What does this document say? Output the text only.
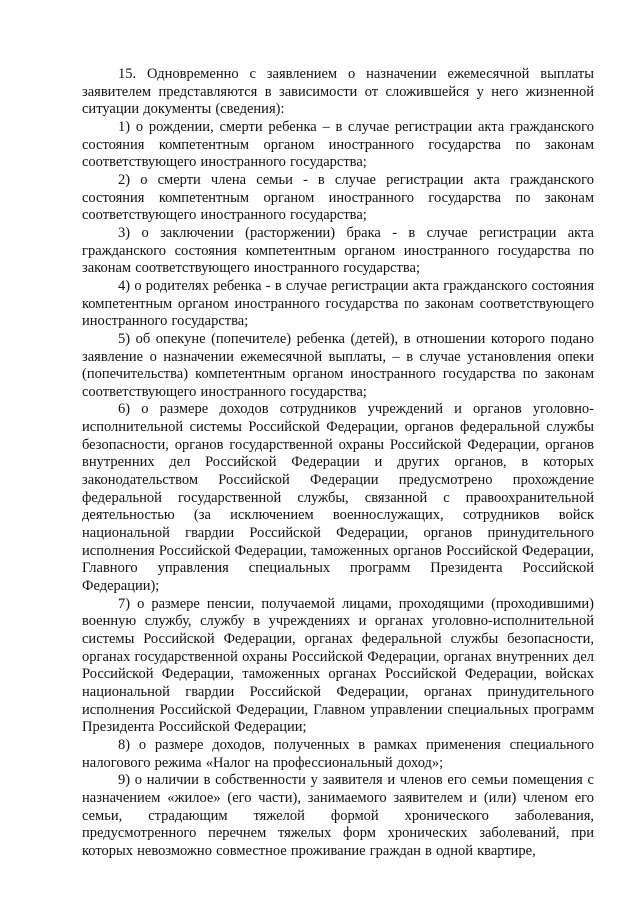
15. Одновременно с заявлением о назначении ежемесячной выплаты заявителем представляются в зависимости от сложившейся у него жизненной ситуации документы (сведения):

1) о рождении, смерти ребенка – в случае регистрации акта гражданского состояния компетентным органом иностранного государства по законам соответствующего иностранного государства;

2) о смерти члена семьи - в случае регистрации акта гражданского состояния компетентным органом иностранного государства по законам соответствующего иностранного государства;

3) о заключении (расторжении) брака - в случае регистрации акта гражданского состояния компетентным органом иностранного государства по законам соответствующего иностранного государства;

4) о родителях ребенка - в случае регистрации акта гражданского состояния компетентным органом иностранного государства по законам соответствующего иностранного государства;

5) об опекуне (попечителе) ребенка (детей), в отношении которого подано заявление о назначении ежемесячной выплаты, – в случае установления опеки (попечительства) компетентным органом иностранного государства по законам соответствующего иностранного государства;

6) о размере доходов сотрудников учреждений и органов уголовно-исполнительной системы Российской Федерации, органов федеральной службы безопасности, органов государственной охраны Российской Федерации, органов внутренних дел Российской Федерации и других органов, в которых законодательством Российской Федерации предусмотрено прохождение федеральной государственной службы, связанной с правоохранительной деятельностью (за исключением военнослужащих, сотрудников войск национальной гвардии Российской Федерации, органов принудительного исполнения Российской Федерации, таможенных органов Российской Федерации, Главного управления специальных программ Президента Российской Федерации);

7) о размере пенсии, получаемой лицами, проходящими (проходившими) военную службу, службу в учреждениях и органах уголовно-исполнительной системы Российской Федерации, органах федеральной службы безопасности, органах государственной охраны Российской Федерации, органах внутренних дел Российской Федерации, таможенных органах Российской Федерации, войсках национальной гвардии Российской Федерации, органах принудительного исполнения Российской Федерации, Главном управлении специальных программ Президента Российской Федерации;

8) о размере доходов, полученных в рамках применения специального налогового режима «Налог на профессиональный доход»;

9) о наличии в собственности у заявителя и членов его семьи помещения с назначением «жилое» (его части), занимаемого заявителем и (или) членом его семьи, страдающим тяжелой формой хронического заболевания, предусмотренного перечнем тяжелых форм хронических заболеваний, при которых невозможно совместное проживание граждан в одной квартире,
